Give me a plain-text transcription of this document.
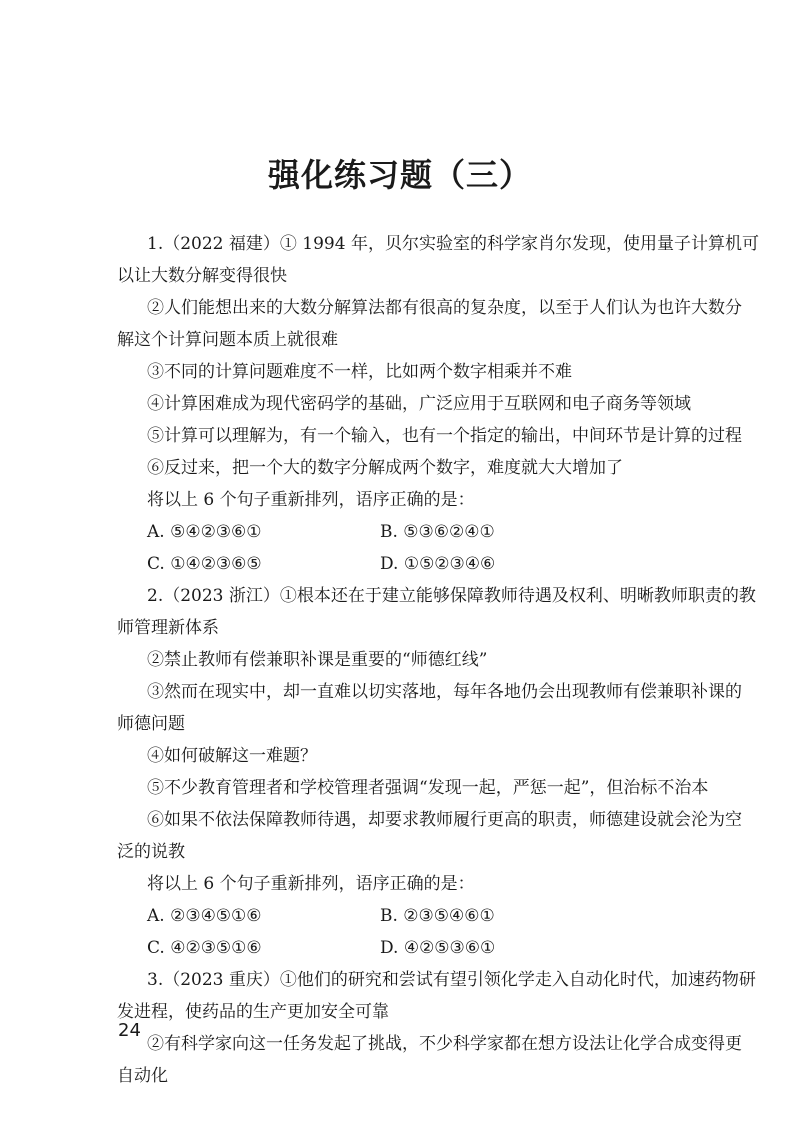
强化练习题（三）

1.（2022 福建）① 1994 年，贝尔实验室的科学家肖尔发现，使用量子计算机可

以让大数分解变得很快

②人们能想出来的大数分解算法都有很高的复杂度，以至于人们认为也许大数分

解这个计算问题本质上就很难

③不同的计算问题难度不一样，比如两个数字相乘并不难

④计算困难成为现代密码学的基础，广泛应用于互联网和电子商务等领域

⑤计算可以理解为，有一个输入，也有一个指定的输出，中间环节是计算的过程

⑥反过来，把一个大的数字分解成两个数字，难度就大大增加了

将以上 6 个句子重新排列，语序正确的是：

A. ⑤④②③⑥①	B. ⑤③⑥②④①
C. ①④②③⑥⑤	D. ①⑤②③④⑥

2.（2023 浙江）①根本还在于建立能够保障教师待遇及权利、明晰教师职责的教

师管理新体系

②禁止教师有偿兼职补课是重要的“师德红线”

③然而在现实中，却一直难以切实落地，每年各地仍会出现教师有偿兼职补课的

师德问题

④如何破解这一难题？

⑤不少教育管理者和学校管理者强调“发现一起，严惩一起”，但治标不治本

⑥如果不依法保障教师待遇，却要求教师履行更高的职责，师德建设就会沦为空

泛的说教

将以上 6 个句子重新排列，语序正确的是：

A. ②③④⑤①⑥	B. ②③⑤④⑥①
C. ④②③⑤①⑥	D. ④②⑤③⑥①

3.（2023 重庆）①他们的研究和尝试有望引领化学走入自动化时代，加速药物研

发进程，使药品的生产更加安全可靠

②有科学家向这一任务发起了挑战，不少科学家都在想方设法让化学合成变得更

自动化

24
